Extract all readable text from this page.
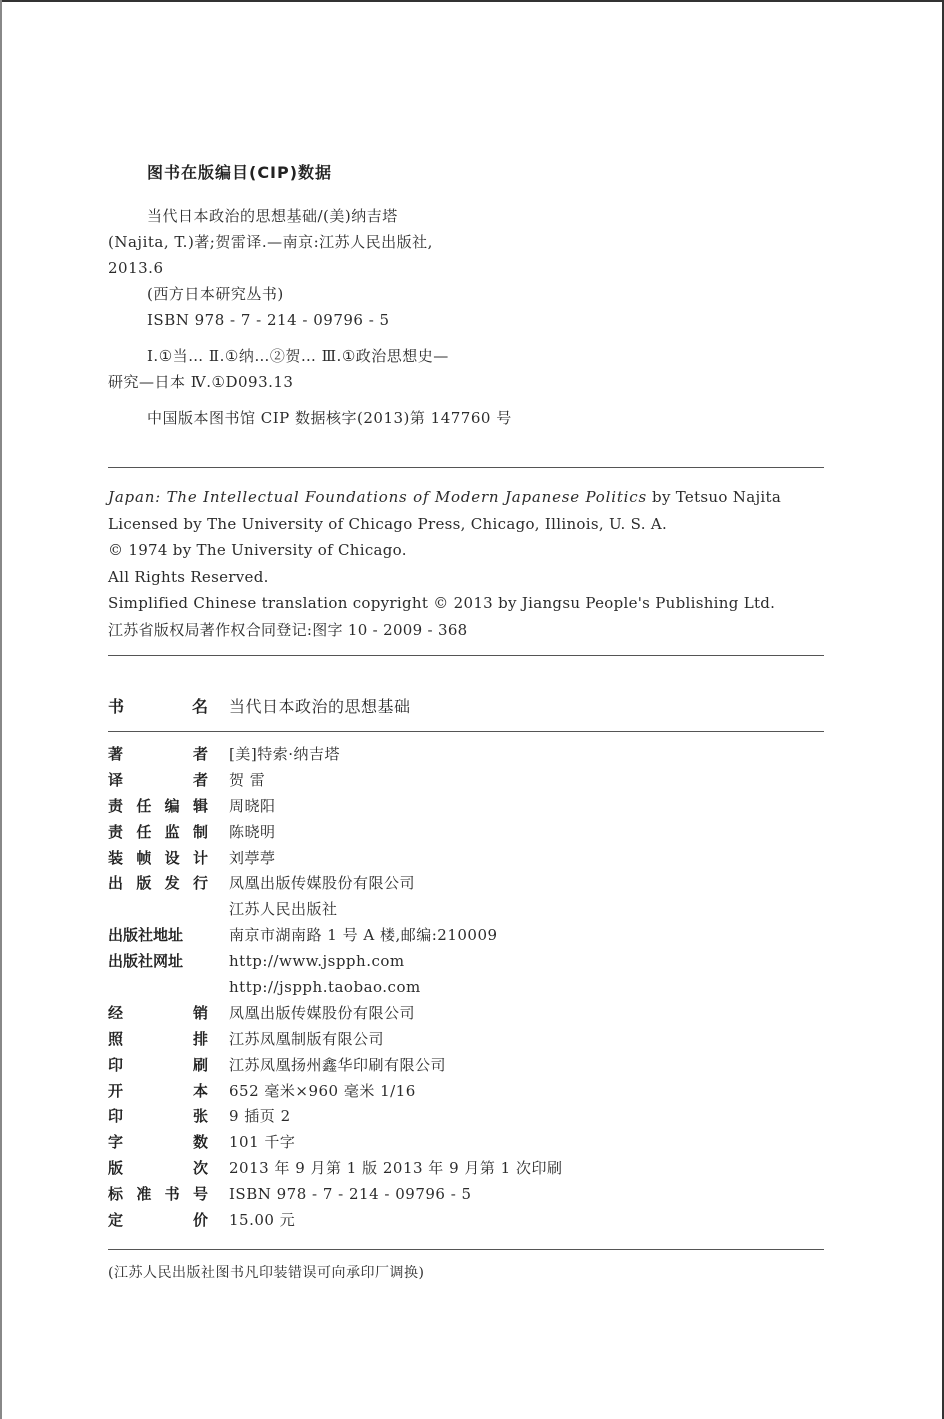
图书在版编目(CIP)数据
当代日本政治的思想基础/(美)纳吉塔
(Najita, T.)著;贺雷译.—南京:江苏人民出版社,
2013.6
(西方日本研究丛书)
ISBN 978 - 7 - 214 - 09796 - 5
Ⅰ.①当… Ⅱ.①纳…②贺… Ⅲ.①政治思想史—
研究—日本 Ⅳ.①D093.13
中国版本图书馆 CIP 数据核字(2013)第 147760 号
Japan: The Intellectual Foundations of Modern Japanese Politics by Tetsuo Najita
Licensed by The University of Chicago Press, Chicago, Illinois, U. S. A.
© 1974 by The University of Chicago.
All Rights Reserved.
Simplified Chinese translation copyright © 2013 by Jiangsu People's Publishing Ltd.
江苏省版权局著作权合同登记:图字 10 - 2009 - 368
书	名 当代日本政治的思想基础
著	者 [美]特索·纳吉塔
译	者 贺 雷
责 任 编 辑 周晓阳
责 任 监 制 陈晓明
装 帧 设 计 刘葶葶
出 版 发 行 凤凰出版传媒股份有限公司
江苏人民出版社
出版社地址	南京市湖南路 1 号 A 楼,邮编:210009
出版社网址	http://www.jspph.com
http://jspph.taobao.com
经	销 凤凰出版传媒股份有限公司
照	排 江苏凤凰制版有限公司
印	刷 江苏凤凰扬州鑫华印刷有限公司
开	本 652 毫米×960 毫米 1/16
印	张 9 插页 2
字	数 101 千字
版	次 2013 年 9 月第 1 版 2013 年 9 月第 1 次印刷
标 准 书 号 ISBN 978 - 7 - 214 - 09796 - 5
定	价 15.00 元
(江苏人民出版社图书凡印装错误可向承印厂调换)
